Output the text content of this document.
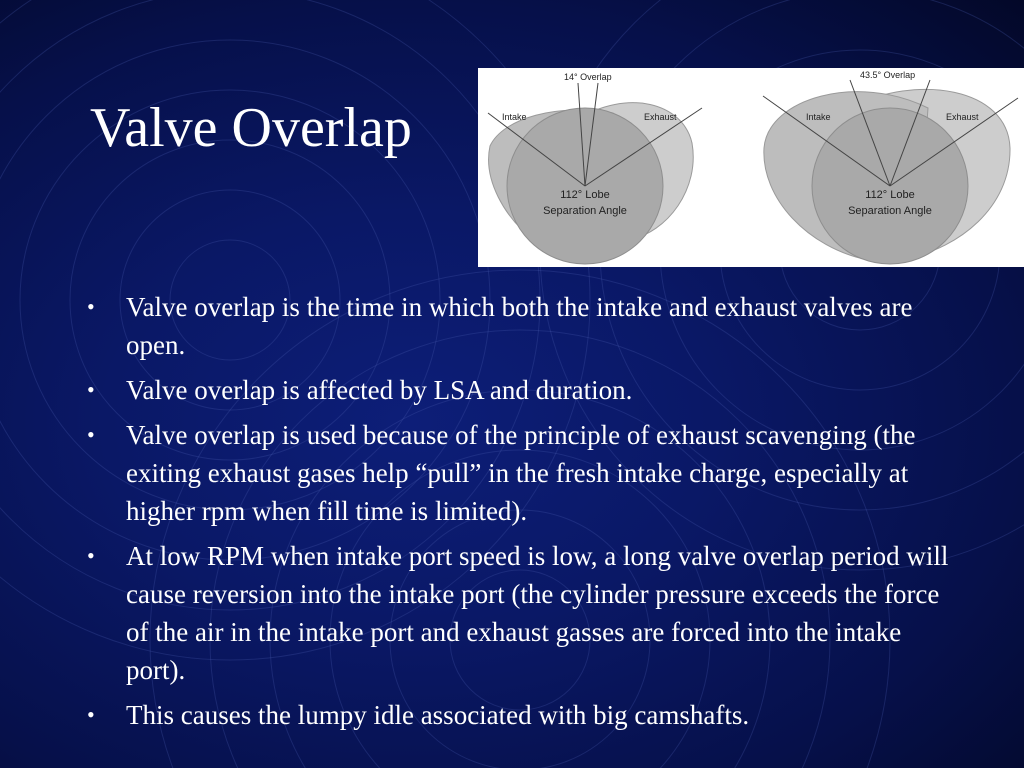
Valve Overlap
14° Overlap
Intake	Exhaust
112° Lobe
Separation Angle
43.5° Overlap
Intake	Exhaust
112° Lobe
Separation Angle
• Valve overlap is the time in which both the intake and exhaust valves are open.
• Valve overlap is affected by LSA and duration.
• Valve overlap is used because of the principle of exhaust scavenging (the exiting exhaust gases help “pull” in the fresh intake charge, especially at higher rpm when fill time is limited).
• At low RPM when intake port speed is low, a long valve overlap period will cause reversion into the intake port (the cylinder pressure exceeds the force of the air in the intake port and exhaust gasses are forced into the intake port).
• This causes the lumpy idle associated with big camshafts.
